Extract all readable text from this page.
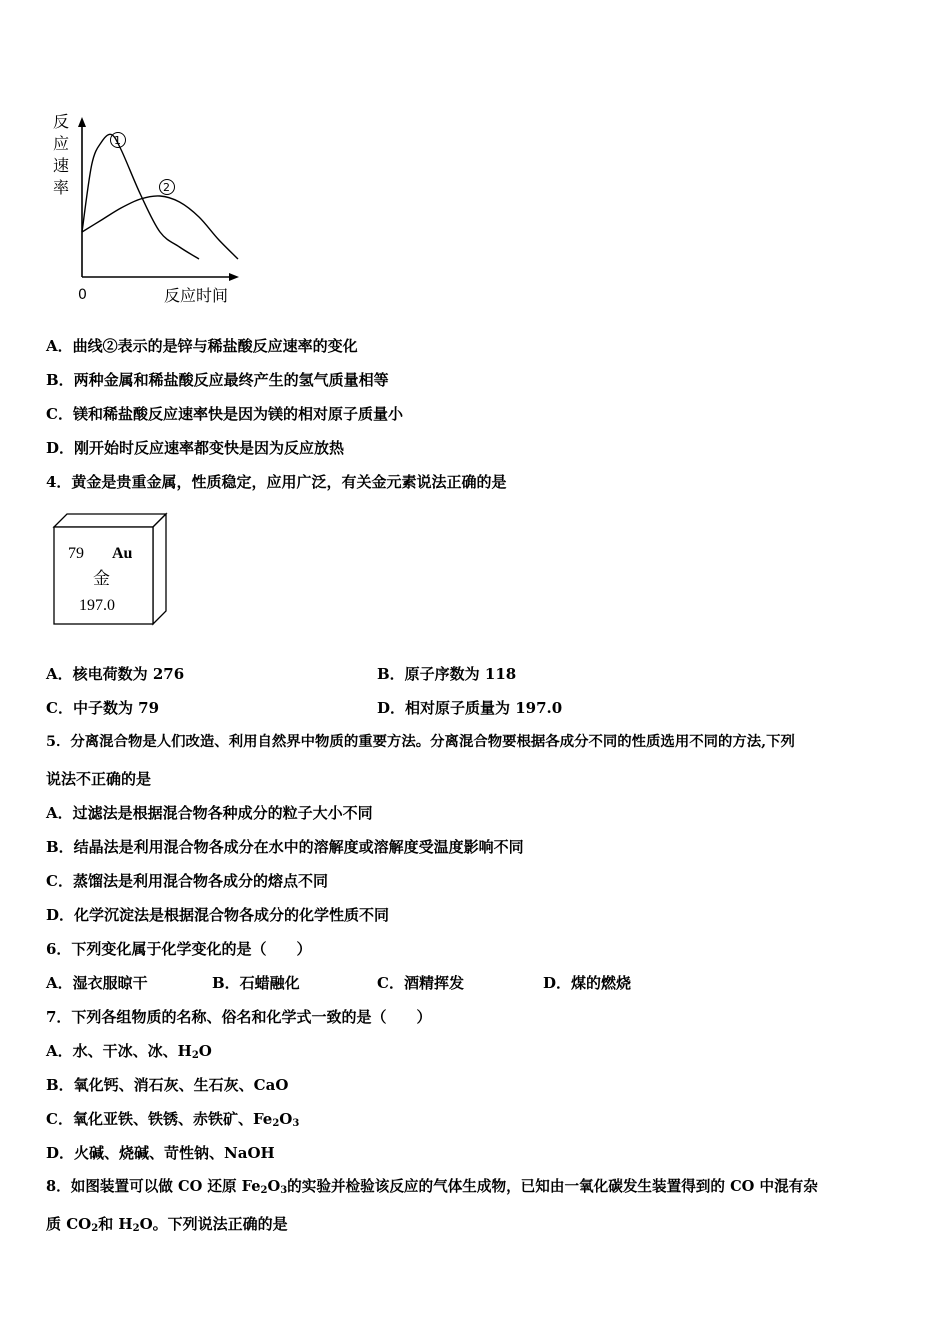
反
应
速
率
0	反应时间
1
2
A．曲线②表示的是锌与稀盐酸反应速率的变化
B．两种金属和稀盐酸反应最终产生的氢气质量相等
C．镁和稀盐酸反应速率快是因为镁的相对原子质量小
D．刚开始时反应速率都变快是因为反应放热
4．黄金是贵重金属，性质稳定，应用广泛，有关金元素说法正确的是
79 Au
金
197.0
A．核电荷数为 276	B．原子序数为 118
C．中子数为 79	D．相对原子质量为 197.0
5．分离混合物是人们改造、利用自然界中物质的重要方法。分离混合物要根据各成分不同的性质选用不同的方法,下列
说法不正确的是
A．过滤法是根据混合物各种成分的粒子大小不同
B．结晶法是利用混合物各成分在水中的溶解度或溶解度受温度影响不同
C．蒸馏法是利用混合物各成分的熔点不同
D．化学沉淀法是根据混合物各成分的化学性质不同
6．下列变化属于化学变化的是（　　）
A．湿衣服晾干	B．石蜡融化	C．酒精挥发	D．煤的燃烧
7．下列各组物质的名称、俗名和化学式一致的是（　　）
A．水、干冰、冰、$H_2O$
B．氧化钙、消石灰、生石灰、CaO
C．氧化亚铁、铁锈、赤铁矿、$Fe_2O_3$
D．火碱、烧碱、苛性钠、NaOH
8．如图装置可以做 CO 还原 $Fe_2O_3$的实验并检验该反应的气体生成物，已知由一氧化碳发生装置得到的 CO 中混有杂
质 $CO_2$和 $H_2O$。下列说法正确的是
